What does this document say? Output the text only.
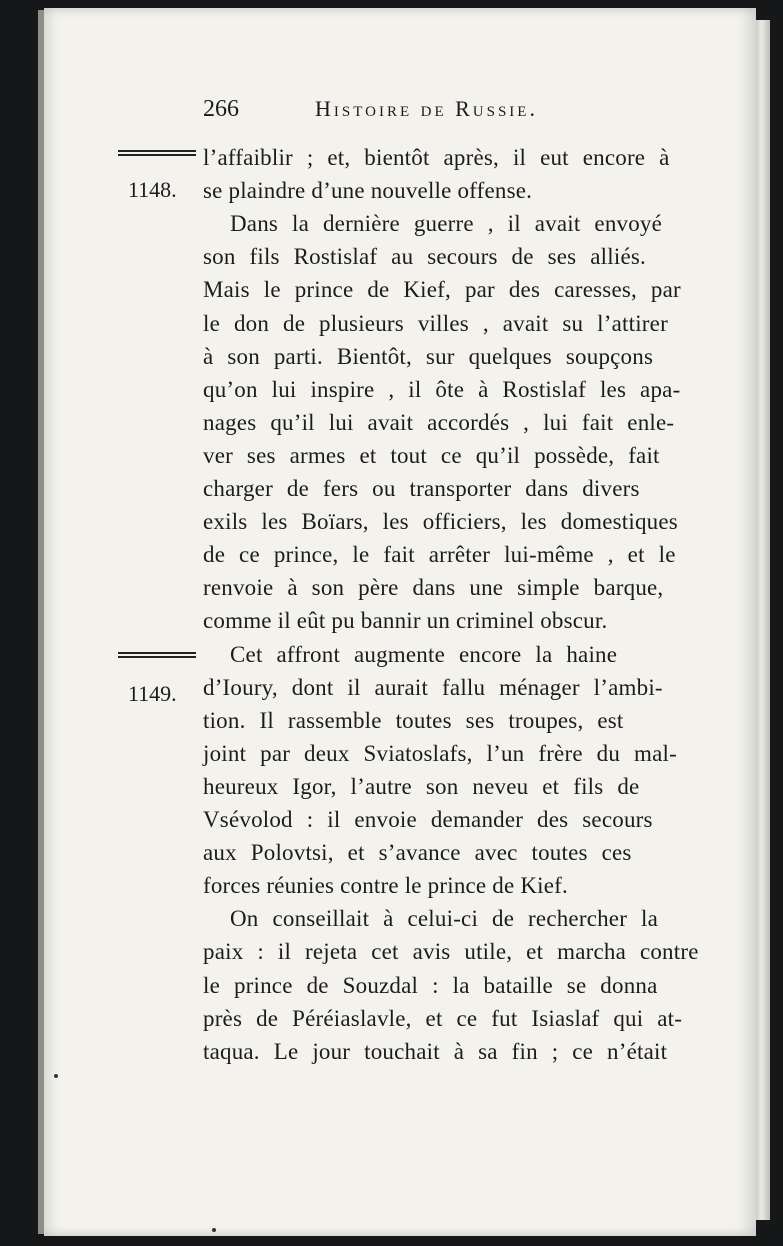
266	Histoire de Russie.
1148.
1149.
l’affaiblir ; et, bientôt après, il eut encore à
se plaindre d’une nouvelle offense.
Dans la dernière guerre , il avait envoyé
son fils Rostislaf au secours de ses alliés.
Mais le prince de Kief, par des caresses, par
le don de plusieurs villes , avait su l’attirer
à son parti. Bientôt, sur quelques soupçons
qu’on lui inspire , il ôte à Rostislaf les apa-
nages qu’il lui avait accordés , lui fait enle-
ver ses armes et tout ce qu’il possède, fait
charger de fers ou transporter dans divers
exils les Boïars, les officiers, les domestiques
de ce prince, le fait arrêter lui-même , et le
renvoie à son père dans une simple barque,
comme il eût pu bannir un criminel obscur.
Cet affront augmente encore la haine
d’Ioury, dont il aurait fallu ménager l’ambi-
tion. Il rassemble toutes ses troupes, est
joint par deux Sviatoslafs, l’un frère du mal-
heureux Igor, l’autre son neveu et fils de
Vsévolod : il envoie demander des secours
aux Polovtsi, et s’avance avec toutes ces
forces réunies contre le prince de Kief.
On conseillait à celui-ci de rechercher la
paix : il rejeta cet avis utile, et marcha contre
le prince de Souzdal : la bataille se donna
près de Péréiaslavle, et ce fut Isiaslaf qui at-
taqua. Le jour touchait à sa fin ; ce n’était
